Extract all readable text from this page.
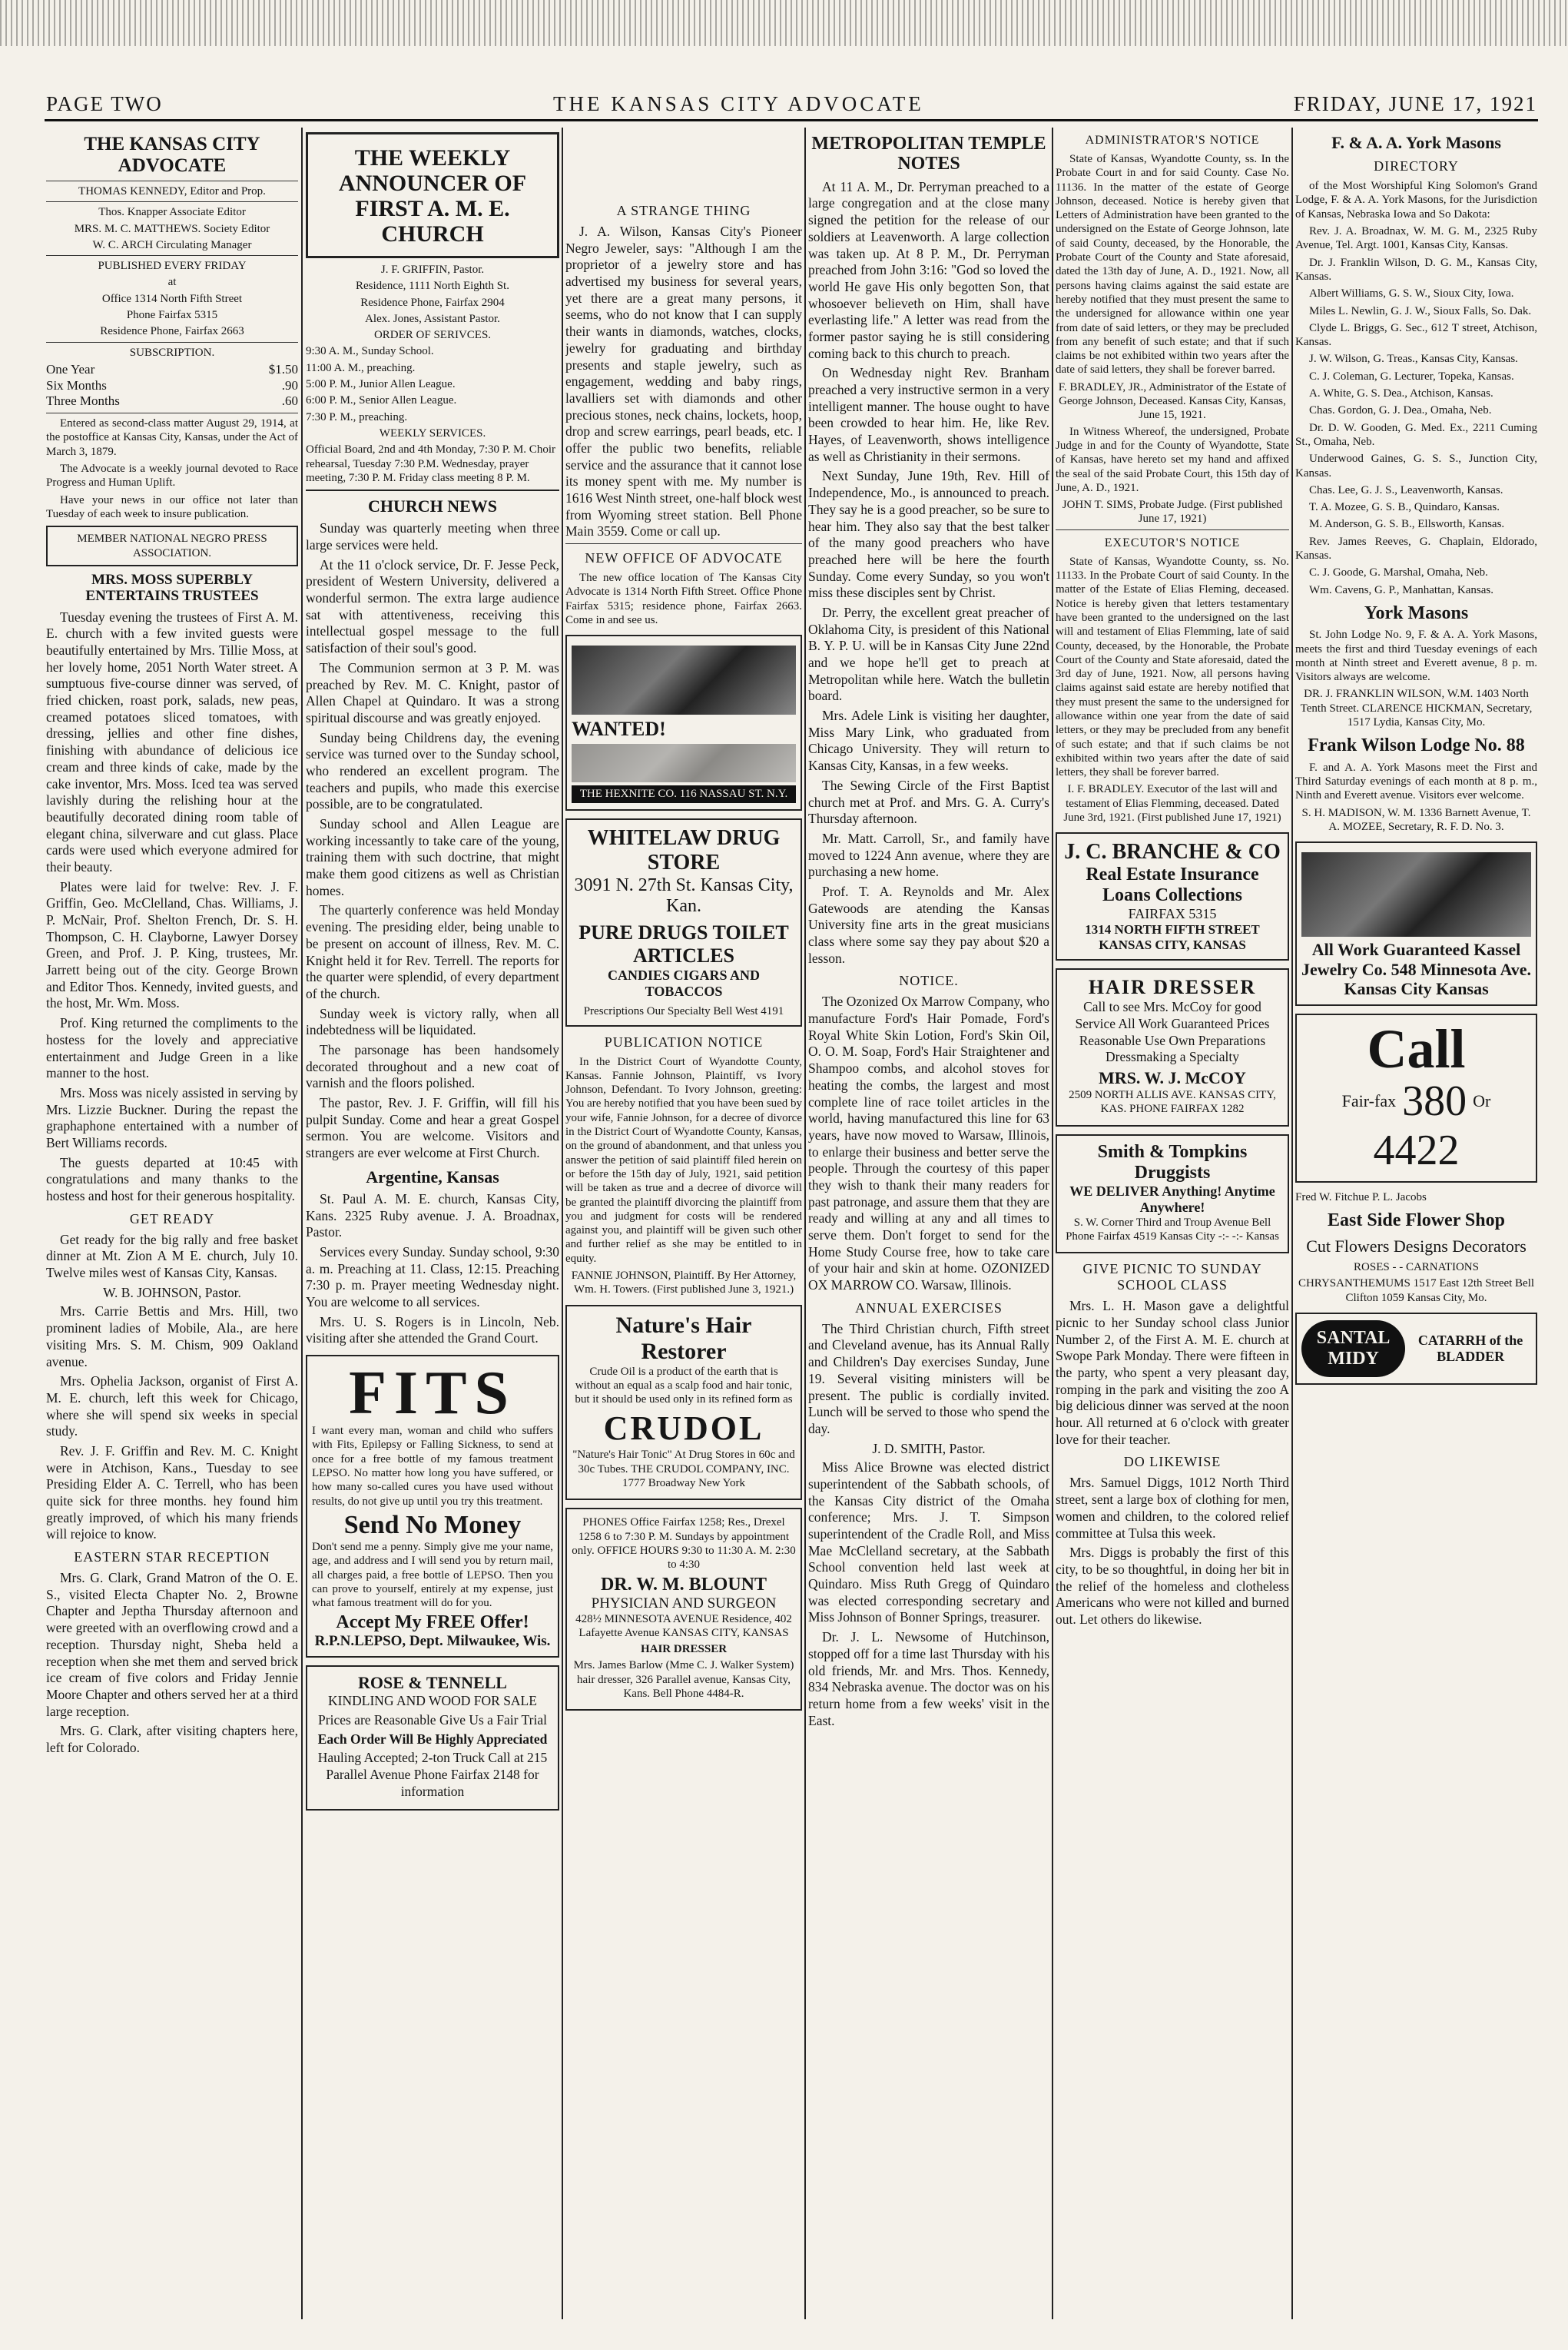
PAGE TWO	THE KANSAS CITY ADVOCATE	FRIDAY, JUNE 17, 1921
THE KANSAS CITY ADVOCATE
THOMAS KENNEDY, Editor and Prop.
Thos. Knapper Associate Editor
MRS. M. C. MATTHEWS. Society Editor
W. C. ARCH Circulating Manager
PUBLISHED EVERY FRIDAY
at
Office 1314 North Fifth Street
Phone Fairfax 5315
Residence Phone, Fairfax 2663
SUBSCRIPTION.
One Year	$1.50
Six Months	.90
Three Months	.60

Entered as second-class matter August 29, 1914, at the postoffice at Kansas City, Kansas, under the Act of March 3, 1879.

The Advocate is a weekly journal devoted to Race Progress and Human Uplift.

Have your news in our office not later than Tuesday of each week to insure publication.

MEMBER NATIONAL NEGRO PRESS ASSOCIATION.
MRS. MOSS SUPERBLY ENTERTAINS TRUSTEES

Tuesday evening the trustees of First A. M. E. church with a few invited guests were beautifully entertained by Mrs. Tillie Moss, at her lovely home, 2051 North Water street. A sumptuous five-course dinner was served, of fried chicken, roast pork, salads, new peas, creamed potatoes sliced tomatoes, with dressing, jellies and other fine dishes, finishing with abundance of delicious ice cream and three kinds of cake, made by the cake inventor, Mrs. Moss. Iced tea was served lavishly during the relishing hour at the beautifully decorated dining room table of elegant china, silverware and cut glass. Place cards were used which everyone admired for their beauty.

Plates were laid for twelve: Rev. J. F. Griffin, Geo. McClelland, Chas. Williams, J. P. McNair, Prof. Shelton French, Dr. S. H. Thompson, C. H. Clayborne, Lawyer Dorsey Green, and Prof. J. P. King, trustees, Mr. Jarrett being out of the city. George Brown and Editor Thos. Kennedy, invited guests, and the host, Mr. Wm. Moss.

Prof. King returned the compliments to the hostess for the lovely and appreciative entertainment and Judge Green in a like manner to the host.

Mrs. Moss was nicely assisted in serving by Mrs. Lizzie Buckner. During the repast the graphaphone entertained with a number of Bert Williams records.

The guests departed at 10:45 with congratulations and many thanks to the hostess and host for their generous hospitality.

GET READY

Get ready for the big rally and free basket dinner at Mt. Zion A M E. church, July 10. Twelve miles west of Kansas City, Kansas.

W. B. JOHNSON, Pastor.

Mrs. Carrie Bettis and Mrs. Hill, two prominent ladies of Mobile, Ala., are here visiting Mrs. S. M. Chism, 909 Oakland avenue.

Mrs. Ophelia Jackson, organist of First A. M. E. church, left this week for Chicago, where she will spend six weeks in special study.

Rev. J. F. Griffin and Rev. M. C. Knight were in Atchison, Kans., Tuesday to see Presiding Elder A. C. Terrell, who has been quite sick for three months. hey found him greatly improved, of which his many friends will rejoice to know.

EASTERN STAR RECEPTION

Mrs. G. Clark, Grand Matron of the O. E. S., visited Electa Chapter No. 2, Browne Chapter and Jeptha Thursday afternoon and were greeted with an overflowing crowd and a reception. Thursday night, Sheba held a reception when she met them and served brick ice cream of five colors and Friday Jennie Moore Chapter and others served her at a third large reception.

Mrs. G. Clark, after visiting chapters here, left for Colorado.

THE WEEKLY ANNOUNCER OF FIRST A. M. E. CHURCH
J. F. GRIFFIN, Pastor.
Residence, 1111 North Eighth St.
Residence Phone, Fairfax 2904
Alex. Jones, Assistant Pastor.
ORDER OF SERIVCES.
9:30 A. M., Sunday School.
11:00 A. M., preaching.
5:00 P. M., Junior Allen League.
6:00 P. M., Senior Allen League.
7:30 P. M., preaching.
WEEKLY SERVICES.

Official Board, 2nd and 4th Monday, 7:30 P. M. Choir rehearsal, Tuesday 7:30 P.M. Wednesday, prayer meeting, 7:30 P. M. Friday class meeting 8 P. M.

CHURCH NEWS

Sunday was quarterly meeting when three large services were held.

At the 11 o'clock service, Dr. F. Jesse Peck, president of Western University, delivered a wonderful sermon. The extra large audience sat with attentiveness, receiving this intellectual gospel message to the full satisfaction of their soul's good.

The Communion sermon at 3 P. M. was preached by Rev. M. C. Knight, pastor of Allen Chapel at Quindaro. It was a strong spiritual discourse and was greatly enjoyed.

Sunday being Childrens day, the evening service was turned over to the Sunday school, who rendered an excellent program. The teachers and pupils, who made this exercise possible, are to be congratulated.

Sunday school and Allen League are working incessantly to take care of the young, training them with such doctrine, that might make them good citizens as well as Christian homes.

The quarterly conference was held Monday evening. The presiding elder, being unable to be present on account of illness, Rev. M. C. Knight held it for Rev. Terrell. The reports for the quarter were splendid, of every department of the church.

Sunday week is victory rally, when all indebtedness will be liquidated.

The parsonage has been handsomely decorated throughout and a new coat of varnish and the floors polished.

The pastor, Rev. J. F. Griffin, will fill his pulpit Sunday. Come and hear a great Gospel sermon. You are welcome. Visitors and strangers are ever welcome at First Church.

Argentine, Kansas

St. Paul A. M. E. church, Kansas City, Kans. 2325 Ruby avenue. J. A. Broadnax, Pastor.

Services every Sunday. Sunday school, 9:30 a. m. Preaching at 11. Class, 12:15. Preaching 7:30 p. m. Prayer meeting Wednesday night. You are welcome to all services.

Mrs. U. S. Rogers is in Lincoln, Neb. visiting after she attended the Grand Court.

FITS

I want every man, woman and child who suffers with Fits, Epilepsy or Falling Sickness, to send at once for a free bottle of my famous treatment LEPSO. No matter how long you have suffered, or how many so-called cures you have used without results, do not give up until you try this treatment.

Send No Money

Don't send me a penny. Simply give me your name, age, and address and I will send you by return mail, all charges paid, a free bottle of LEPSO. Then you can prove to yourself, entirely at my expense, just what famous treatment will do for you.

Accept My FREE Offer!
R.P.N.LEPSO, Dept. Milwaukee, Wis.
ROSE & TENNELL
KINDLING AND WOOD FOR SALE
Prices are Reasonable Give Us a Fair Trial
Each Order Will Be Highly Appreciated
Hauling Accepted; 2-ton Truck Call at 215 Parallel Avenue Phone Fairfax 2148 for information
A STRANGE THING

J. A. Wilson, Kansas City's Pioneer Negro Jeweler, says: "Although I am the proprietor of a jewelry store and has advertised my business for several years, yet there are a great many persons, it seems, who do not know that I can supply their wants in diamonds, watches, clocks, jewelry for graduating and birthday presents and staple jewelry, such as engagement, wedding and baby rings, lavalliers set with diamonds and other precious stones, neck chains, lockets, hoop, drop and screw earrings, pearl beads, etc. I offer the public two benefits, reliable service and the assurance that it cannot lose its money spent with me. My number is 1616 West Ninth street, one-half block west from Wyoming street station. Bell Phone Main 3559. Come or call up.

NEW OFFICE OF ADVOCATE

The new office location of The Kansas City Advocate is 1314 North Fifth Street. Office Phone Fairfax 5315; residence phone, Fairfax 2663. Come in and see us.

WANTED!
THE HEXNITE CO. 116 NASSAU ST. N.Y.
WHITELAW DRUG STORE
3091 N. 27th St. Kansas City, Kan.
PURE DRUGS TOILET ARTICLES
CANDIES CIGARS AND TOBACCOS
Prescriptions Our Specialty Bell West 4191
PUBLICATION NOTICE

In the District Court of Wyandotte County, Kansas. Fannie Johnson, Plaintiff, vs Ivory Johnson, Defendant. To Ivory Johnson, greeting: You are hereby notified that you have been sued by your wife, Fannie Johnson, for a decree of divorce in the District Court of Wyandotte County, Kansas, on the ground of abandonment, and that unless you answer the petition of said plaintiff filed herein on or before the 15th day of July, 1921, said petition will be taken as true and a decree of divorce will be granted the plaintiff divorcing the plaintiff from you and judgment for costs will be rendered against you, and plaintiff will be given such other and further relief as she may be entitled to in equity.

FANNIE JOHNSON, Plaintiff. By Her Attorney, Wm. H. Towers. (First published June 3, 1921.)

Nature's Hair Restorer

Crude Oil is a product of the earth that is without an equal as a scalp food and hair tonic, but it should be used only in its refined form as

CRUDOL

"Nature's Hair Tonic" At Drug Stores in 60c and 30c Tubes. THE CRUDOL COMPANY, INC. 1777 Broadway New York

PHONES Office Fairfax 1258; Res., Drexel 1258 6 to 7:30 P. M. Sundays by appointment only. OFFICE HOURS 9:30 to 11:30 A. M. 2:30 to 4:30
DR. W. M. BLOUNT
PHYSICIAN AND SURGEON
428½ MINNESOTA AVENUE Residence, 402 Lafayette Avenue KANSAS CITY, KANSAS
HAIR DRESSER
Mrs. James Barlow (Mme C. J. Walker System) hair dresser, 326 Parallel avenue, Kansas City, Kans. Bell Phone 4484-R.
METROPOLITAN TEMPLE NOTES

At 11 A. M., Dr. Perryman preached to a large congregation and at the close many signed the petition for the release of our soldiers at Leavenworth. A large collection was taken up. At 8 P. M., Dr. Perryman preached from John 3:16: "God so loved the world He gave His only begotten Son, that whosoever believeth on Him, shall have everlasting life." A letter was read from the former pastor saying he is still considering coming back to this church to preach.

On Wednesday night Rev. Branham preached a very instructive sermon in a very intelligent manner. The house ought to have been crowded to hear him. He, like Rev. Hayes, of Leavenworth, shows intelligence as well as Christianity in their sermons.

Next Sunday, June 19th, Rev. Hill of Independence, Mo., is announced to preach. They say he is a good preacher, so be sure to hear him. They also say that the best talker of the many good preachers who have preached here will be here the fourth Sunday. Come every Sunday, so you won't miss these disciples sent by Christ.

Dr. Perry, the excellent great preacher of Oklahoma City, is president of this National B. Y. P. U. will be in Kansas City June 22nd and we hope he'll get to preach at Metropolitan while here. Watch the bulletin board.

Mrs. Adele Link is visiting her daughter, Miss Mary Link, who graduated from Chicago University. They will return to Kansas City, Kansas, in a few weeks.

The Sewing Circle of the First Baptist church met at Prof. and Mrs. G. A. Curry's Thursday afternoon.

Mr. Matt. Carroll, Sr., and family have moved to 1224 Ann avenue, where they are purchasing a new home.

Prof. T. A. Reynolds and Mr. Alex Gatewoods are atending the Kansas University fine arts in the great musicians class where some say they pay about $20 a lesson.

NOTICE.

The Ozonized Ox Marrow Company, who manufacture Ford's Hair Pomade, Ford's Royal White Skin Lotion, Ford's Skin Oil, O. O. M. Soap, Ford's Hair Straightener and Shampoo combs, and alcohol stoves for heating the combs, the largest and most complete line of race toilet articles in the world, having manufactured this line for 63 years, have now moved to Warsaw, Illinois, to enlarge their business and better serve the people. Through the courtesy of this paper they wish to thank their many readers for past patronage, and assure them that they are ready and willing at any and all times to serve them. Don't forget to send for the Home Study Course free, how to take care of your hair and skin at home. OZONIZED OX MARROW CO. Warsaw, Illinois.

ANNUAL EXERCISES

The Third Christian church, Fifth street and Cleveland avenue, has its Annual Rally and Children's Day exercises Sunday, June 19. Several visiting ministers will be present. The public is cordially invited. Lunch will be served to those who spend the day.

J. D. SMITH, Pastor.

Miss Alice Browne was elected district superintendent of the Sabbath schools, of the Kansas City district of the Omaha conference; Mrs. J. T. Simpson superintendent of the Cradle Roll, and Miss Mae McClelland secretary, at the Sabbath School convention held last week at Quindaro. Miss Ruth Gregg of Quindaro was elected corresponding secretary and Miss Johnson of Bonner Springs, treasurer.

Dr. J. L. Newsome of Hutchinson, stopped off for a time last Thursday with his old friends, Mr. and Mrs. Thos. Kennedy, 834 Nebraska avenue. The doctor was on his return home from a few weeks' visit in the East.

ADMINISTRATOR'S NOTICE

State of Kansas, Wyandotte County, ss. In the Probate Court in and for said County. Case No. 11136. In the matter of the estate of George Johnson, deceased. Notice is hereby given that Letters of Administration have been granted to the undersigned on the Estate of George Johnson, late of said County, deceased, by the Honorable, the Probate Court of the County and State aforesaid, dated the 13th day of June, A. D., 1921. Now, all persons having claims against the said estate are hereby notified that they must present the same to the undersigned for allowance within one year from date of said letters, or they may be precluded from any benefit of such estate; and that if such claims be not exhibited within two years after the date of said letters, they shall be forever barred.

F. BRADLEY, JR., Administrator of the Estate of George Johnson, Deceased. Kansas City, Kansas, June 15, 1921.

In Witness Whereof, the undersigned, Probate Judge in and for the County of Wyandotte, State of Kansas, have hereto set my hand and affixed the seal of the said Probate Court, this 15th day of June, A. D., 1921.

JOHN T. SIMS, Probate Judge. (First published June 17, 1921)

EXECUTOR'S NOTICE

State of Kansas, Wyandotte County, ss. No. 11133. In the Probate Court of said County. In the matter of the Estate of Elias Fleming, deceased. Notice is hereby given that letters testamentary have been granted to the undersigned on the last will and testament of Elias Flemming, late of said County, deceased, by the Honorable, the Probate Court of the County and State aforesaid, dated the 3rd day of June, 1921. Now, all persons having claims against said estate are hereby notified that they must present the same to the undersigned for allowance within one year from the date of said letters, or they may be precluded from any benefit of such estate; and that if such claims be not exhibited within two years after the date of said letters, they shall be forever barred.

I. F. BRADLEY. Executor of the last will and testament of Elias Flemming, deceased. Dated June 3rd, 1921. (First published June 17, 1921)

J. C. BRANCHE & CO
Real Estate Insurance Loans Collections
FAIRFAX 5315
1314 NORTH FIFTH STREET KANSAS CITY, KANSAS
HAIR DRESSER
Call to see Mrs. McCoy for good Service All Work Guaranteed Prices Reasonable Use Own Preparations Dressmaking a Specialty
MRS. W. J. McCOY
2509 NORTH ALLIS AVE. KANSAS CITY, KAS. PHONE FAIRFAX 1282
Smith & Tompkins Druggists
WE DELIVER Anything! Anytime Anywhere!
S. W. Corner Third and Troup Avenue Bell Phone Fairfax 4519 Kansas City -:- -:- Kansas
GIVE PICNIC TO SUNDAY SCHOOL CLASS

Mrs. L. H. Mason gave a delightful picnic to her Sunday school class Junior Number 2, of the First A. M. E. church at Swope Park Monday. There were fifteen in the party, who spent a very pleasant day, romping in the park and visiting the zoo A big delicious dinner was served at the noon hour. All returned at 6 o'clock with greater love for their teacher.

DO LIKEWISE

Mrs. Samuel Diggs, 1012 North Third street, sent a large box of clothing for men, women and children, to the colored relief committee at Tulsa this week.

Mrs. Diggs is probably the first of this city, to be so thoughtful, in doing her bit in the relief of the homeless and clotheless Americans who were not killed and burned out. Let others do likewise.

F. & A. A. York Masons
DIRECTORY

of the Most Worshipful King Solomon's Grand Lodge, F. & A. A. York Masons, for the Jurisdiction of Kansas, Nebraska Iowa and So Dakota:

Rev. J. A. Broadnax, W. M. G. M., 2325 Ruby Avenue, Tel. Argt. 1001, Kansas City, Kansas.

Dr. J. Franklin Wilson, D. G. M., Kansas City, Kansas.

Albert Williams, G. S. W., Sioux City, Iowa.

Miles L. Newlin, G. J. W., Sioux Falls, So. Dak.

Clyde L. Briggs, G. Sec., 612 T street, Atchison, Kansas.

J. W. Wilson, G. Treas., Kansas City, Kansas.

C. J. Coleman, G. Lecturer, Topeka, Kansas.

A. White, G. S. Dea., Atchison, Kansas.

Chas. Gordon, G. J. Dea., Omaha, Neb.

Dr. D. W. Gooden, G. Med. Ex., 2211 Cuming St., Omaha, Neb.

Underwood Gaines, G. S. S., Junction City, Kansas.

Chas. Lee, G. J. S., Leavenworth, Kansas.

T. A. Mozee, G. S. B., Quindaro, Kansas.

M. Anderson, G. S. B., Ellsworth, Kansas.

Rev. James Reeves, G. Chaplain, Eldorado, Kansas.

C. J. Goode, G. Marshal, Omaha, Neb.

Wm. Cavens, G. P., Manhattan, Kansas.

York Masons

St. John Lodge No. 9, F. & A. A. York Masons, meets the first and third Tuesday evenings of each month at Ninth street and Everett avenue, 8 p. m. Visitors always are welcome.

DR. J. FRANKLIN WILSON, W.M. 1403 North Tenth Street. CLARENCE HICKMAN, Secretary, 1517 Lydia, Kansas City, Mo.

Frank Wilson Lodge No. 88

F. and A. A. York Masons meet the First and Third Saturday evenings of each month at 8 p. m., Ninth and Everett avenue. Visitors ever welcome.

S. H. MADISON, W. M. 1336 Barnett Avenue, T. A. MOZEE, Secretary, R. F. D. No. 3.

All Work Guaranteed Kassel Jewelry Co. 548 Minnesota Ave. Kansas City Kansas
Call
Fair-fax 380 Or
4422
Fred W. Fitchue P. L. Jacobs
East Side Flower Shop
Cut Flowers Designs Decorators
ROSES - - CARNATIONS
CHRYSANTHEMUMS 1517 East 12th Street Bell Clifton 1059 Kansas City, Mo.
SANTAL MIDY
CATARRH of the BLADDER
